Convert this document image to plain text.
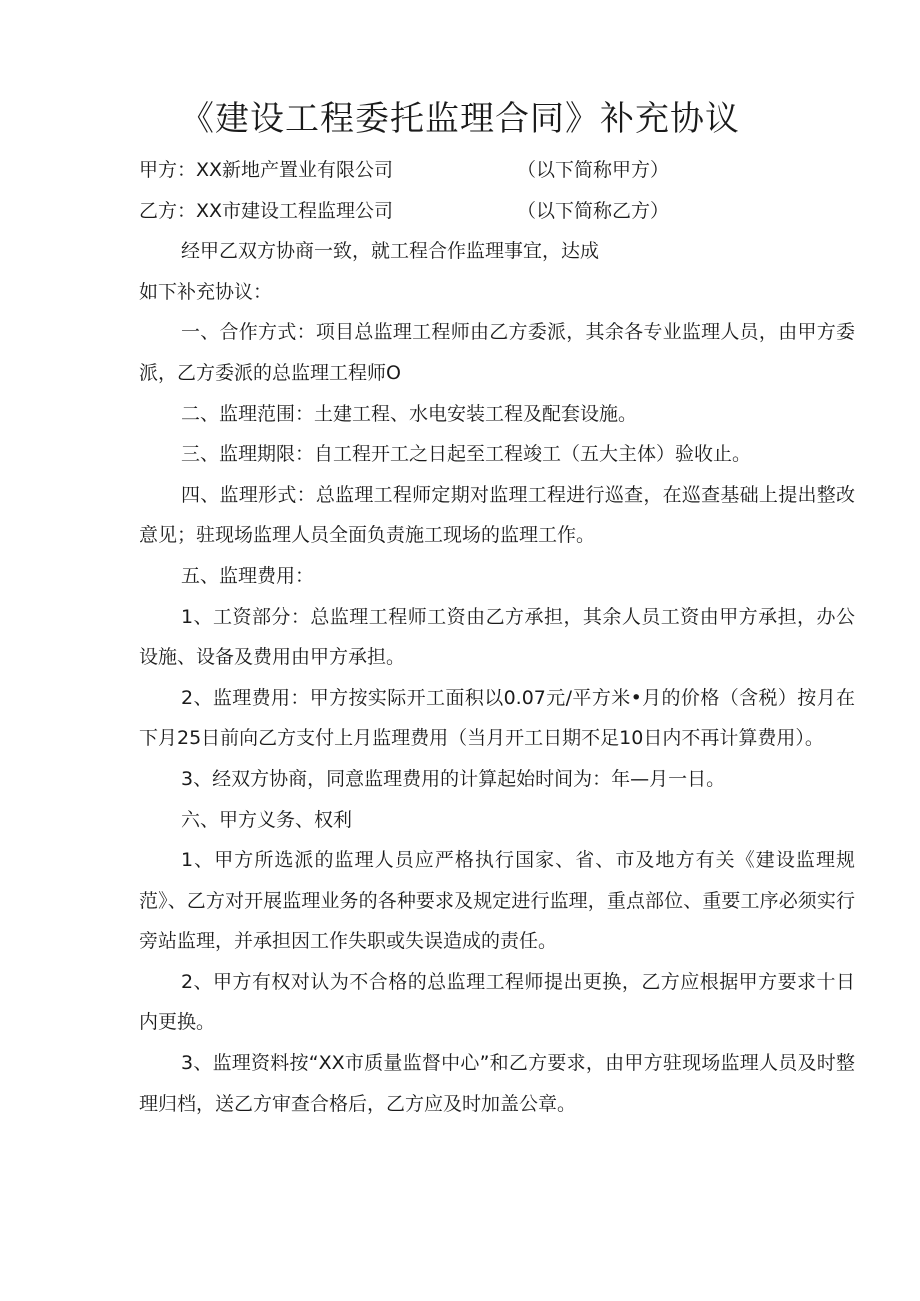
《建设工程委托监理合同》补充协议
甲方：XX新地产置业有限公司	（以下简称甲方）
乙方：XX市建设工程监理公司	（以下简称乙方）

经甲乙双方协商一致，就工程合作监理事宜，达成

如下补充协议：

一、合作方式：项目总监理工程师由乙方委派，其余各专业监理人员，由甲方委派，乙方委派的总监理工程师O

二、监理范围：土建工程、水电安装工程及配套设施。

三、监理期限：自工程开工之日起至工程竣工（五大主体）验收止。

四、监理形式：总监理工程师定期对监理工程进行巡查，在巡查基础上提出整改意见；驻现场监理人员全面负责施工现场的监理工作。

五、监理费用：

1、工资部分：总监理工程师工资由乙方承担，其余人员工资由甲方承担，办公设施、设备及费用由甲方承担。

2、监理费用：甲方按实际开工面积以0.07元/平方米•月的价格（含税）按月在下月25日前向乙方支付上月监理费用（当月开工日期不足10日内不再计算费用）。

3、经双方协商，同意监理费用的计算起始时间为：年—月一日。

六、甲方义务、权利

1、甲方所选派的监理人员应严格执行国家、省、市及地方有关《建设监理规范》、乙方对开展监理业务的各种要求及规定进行监理，重点部位、重要工序必须实行旁站监理，并承担因工作失职或失误造成的责任。

2、甲方有权对认为不合格的总监理工程师提出更换，乙方应根据甲方要求十日内更换。

3、监理资料按“XX市质量监督中心”和乙方要求，由甲方驻现场监理人员及时整理归档，送乙方审查合格后，乙方应及时加盖公章。
